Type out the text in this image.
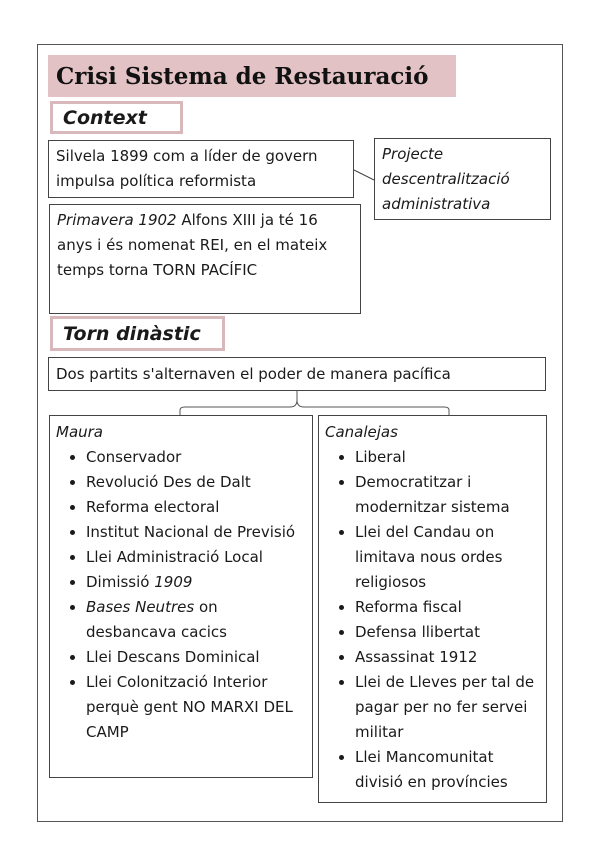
Crisi Sistema de Restauració
Context
Silvela 1899 com a líder de govern impulsa política reformista
Projecte descentralització administrativa
Primavera 1902 Alfons XIII ja té 16 anys i és nomenat REI, en el mateix temps torna TORN PACÍFIC
Torn dinàstic
Dos partits s'alternaven el poder de manera pacífica
Maura
• Conservador
• Revolució Des de Dalt
• Reforma electoral
• Institut Nacional de Previsió
• Llei Administració Local
• Dimissió 1909
• Bases Neutres on desbancava cacics
• Llei Descans Dominical
• Llei Colonització Interior perquè gent NO MARXI DEL CAMP
Canalejas
• Liberal
• Democratitzar i modernitzar sistema
• Llei del Candau on limitava nous ordes religiosos
• Reforma fiscal
• Defensa llibertat
• Assassinat 1912
• Llei de Lleves per tal de pagar per no fer servei militar
• Llei Mancomunitat divisió en províncies
